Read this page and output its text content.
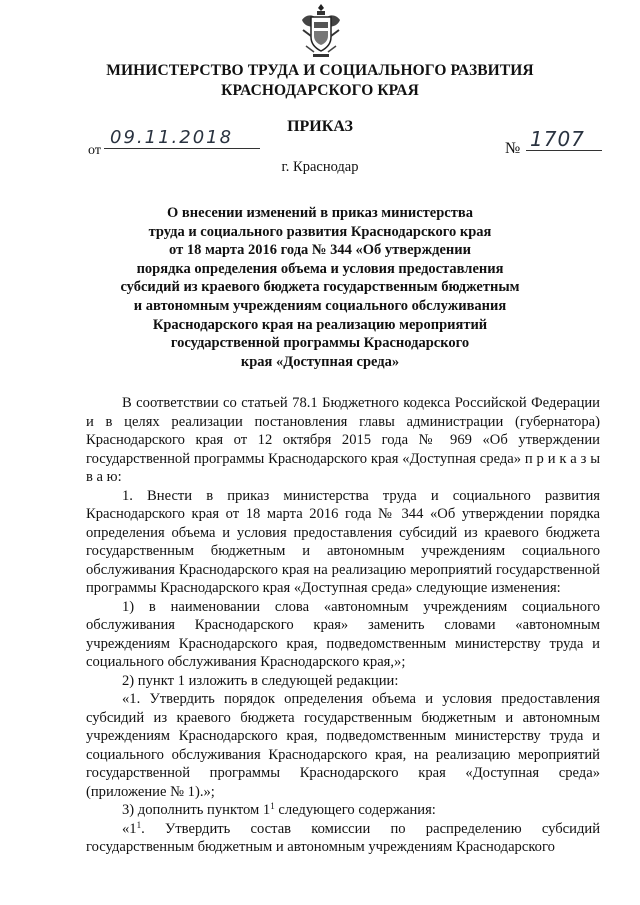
МИНИСТЕРСТВО ТРУДА И СОЦИАЛЬНОГО РАЗВИТИЯ
КРАСНОДАРСКОГО КРАЯ
ПРИКАЗ
от
09.11.2018
№ 1707
г. Краснодар
О внесении изменений в приказ министерства
труда и социального развития Краснодарского края
от 18 марта 2016 года № 344 «Об утверждении
порядка определения объема и условия предоставления
субсидий из краевого бюджета государственным бюджетным
и автономным учреждениям социального обслуживания
Краснодарского края на реализацию мероприятий
государственной программы Краснодарского
края «Доступная среда»

В соответствии со статьей 78.1 Бюджетного кодекса Российской Федерации и в целях реализации постановления главы администрации (губернатора) Краснодарского края от 12 октября 2015 года № 969 «Об утверждении государственной программы Краснодарского края «Доступная среда» п р и к а з ы в а ю:

1. Внести в приказ министерства труда и социального развития Краснодарского края от 18 марта 2016 года № 344 «Об утверждении порядка определения объема и условия предоставления субсидий из краевого бюджета государственным бюджетным и автономным учреждениям социального обслуживания Краснодарского края на реализацию мероприятий государственной программы Краснодарского края «Доступная среда» следующие изменения:

1) в наименовании слова «автономным учреждениям социального обслуживания Краснодарского края» заменить словами «автономным учреждениям Краснодарского края, подведомственным министерству труда и социального обслуживания Краснодарского края,»;

2) пункт 1 изложить в следующей редакции:

«1. Утвердить порядок определения объема и условия предоставления субсидий из краевого бюджета государственным бюджетным и автономным учреждениям Краснодарского края, подведомственным министерству труда и социального обслуживания Краснодарского края, на реализацию мероприятий государственной программы Краснодарского края «Доступная среда» (приложение № 1).»;

3) дополнить пунктом $1^1$ следующего содержания:

«$1^1$. Утвердить состав комиссии по распределению субсидий государственным бюджетным и автономным учреждениям Краснодарского
